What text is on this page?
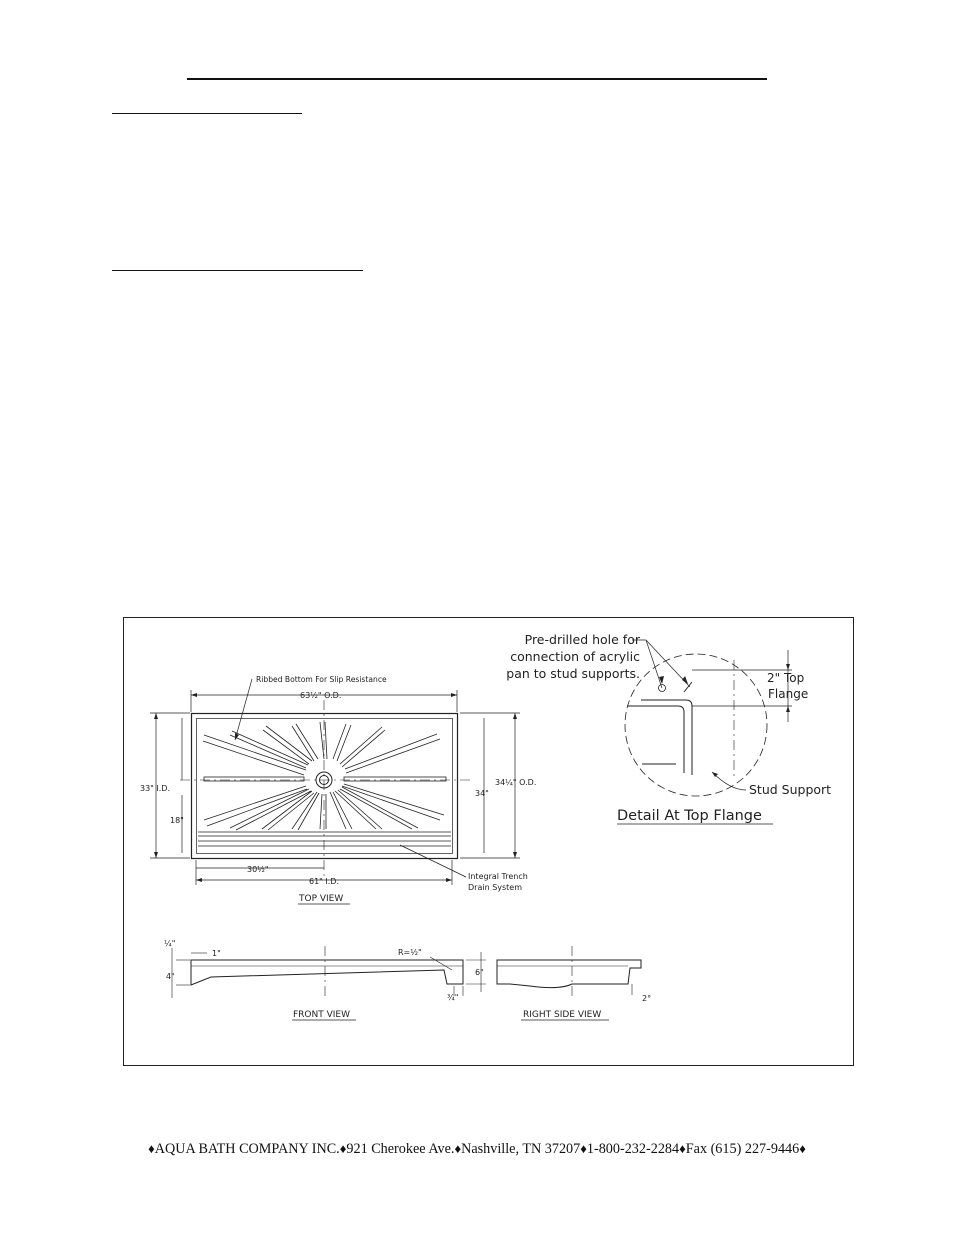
Ribbed Bottom For Slip Resistance
63½" O.D.
33" I.D.
18"
34¼" O.D.
34"
30½"
61" I.D.
Integral Trench
Drain System
TOP VIEW
Pre-drilled hole for
connection of acrylic
pan to stud supports.	2" Top
Flange
Stud Support
Detail At Top Flange
¼"
1"
4"
R=½"
¾"
FRONT VIEW
6"
2°
RIGHT SIDE VIEW
♦AQUA BATH COMPANY INC.♦921 Cherokee Ave.♦Nashville, TN 37207♦1-800-232-2284♦Fax (615) 227-9446♦
